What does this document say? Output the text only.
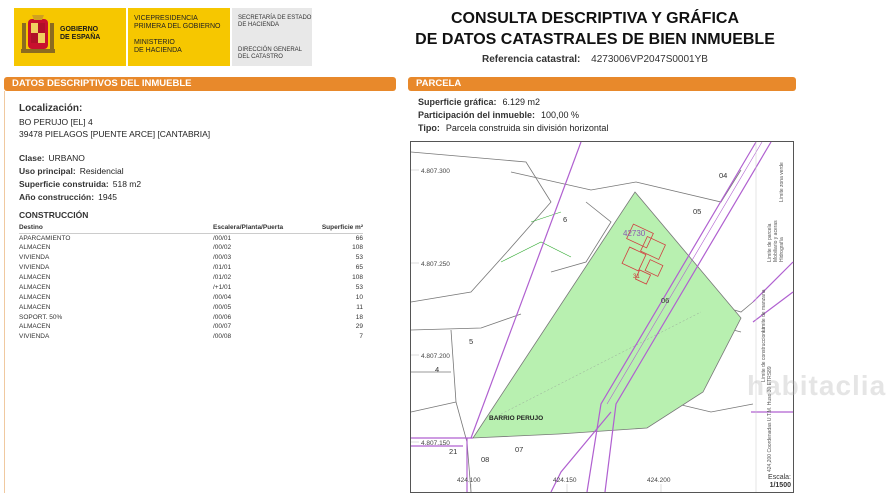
GOBIERNO
DE ESPAÑA
VICEPRESIDENCIA
PRIMERA DEL GOBIERNO
MINISTERIO
DE HACIENDA
SECRETARÍA DE ESTADO
DE HACIENDA
DIRECCIÓN GENERAL
DEL CATASTRO
CONSULTA DESCRIPTIVA Y GRÁFICA
DE DATOS CATASTRALES DE BIEN INMUEBLE
Referencia catastral: 4273006VP2047S0001YB
DATOS DESCRIPTIVOS DEL INMUEBLE
Localización:
BO PERUJO [EL] 4
39478 PIELAGOS [PUENTE ARCE] [CANTABRIA]
Clase: URBANO
Uso principal: Residencial
Superficie construida: 518 m2
Año construcción: 1945
CONSTRUCCIÓN
Destino	Escalera/Planta/Puerta	Superficie m²
APARCAMIENTO	/00/01	66
ALMACEN	/00/02	108
VIVIENDA	/00/03	53
VIVIENDA	/01/01	65
ALMACEN	/01/02	108
ALMACEN	/+1/01	53
ALMACEN	/00/04	10
ALMACEN	/00/05	11
SOPORT. 50%	/00/06	18
ALMACEN	/00/07	29
VIVIENDA	/00/08	7
PARCELA
Superficie gráfica: 6.129 m2
Participación del inmueble: 100,00 %
Tipo: Parcela construida sin división horizontal
4.807.300
4.807.250
4.807.200
4.807.150
424.100	424.150	424.200
6
5
4
21	07
08
06
04
05
31
42730
BARRIO PERUJO
Límite de manzana
Límite de parcela
Límite de construcciones
Mobiliario y aceras
Límite zona verde
Hidrografía
424,200 Coordenadas U.T.M. Huso 30 ETRS89
habitaclia
Escala:
1/1500
